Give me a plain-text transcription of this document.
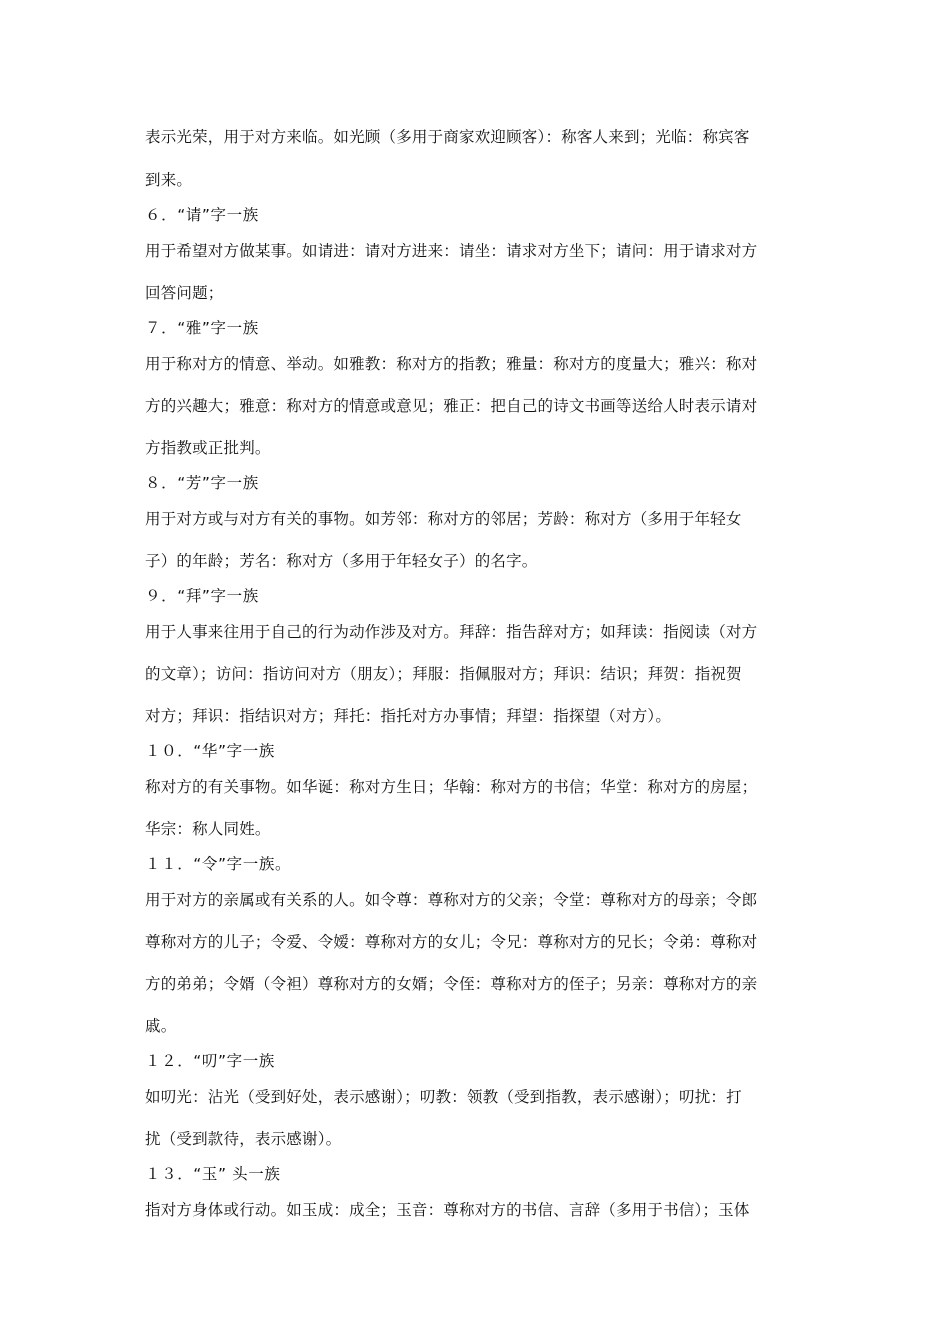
表示光荣，用于对方来临。如光顾（多用于商家欢迎顾客）：称客人来到；光临：称宾客
到来。
６．“请”字一族
用于希望对方做某事。如请进：请对方进来：请坐：请求对方坐下；请问：用于请求对方
回答问题；
７．“雅”字一族
用于称对方的情意、举动。如雅教：称对方的指教；雅量：称对方的度量大；雅兴：称对
方的兴趣大；雅意：称对方的情意或意见；雅正：把自己的诗文书画等送给人时表示请对
方指教或正批判。
８．“芳”字一族
用于对方或与对方有关的事物。如芳邻：称对方的邻居；芳龄：称对方（多用于年轻女
子）的年龄；芳名：称对方（多用于年轻女子）的名字。
９．“拜”字一族
用于人事来往用于自己的行为动作涉及对方。拜辞：指告辞对方；如拜读：指阅读（对方
的文章）；访问：指访问对方（朋友）；拜服：指佩服对方；拜识：结识；拜贺：指祝贺
对方；拜识：指结识对方；拜托：指托对方办事情；拜望：指探望（对方）。
１０．“华”字一族
称对方的有关事物。如华诞：称对方生日；华翰：称对方的书信；华堂：称对方的房屋；
华宗：称人同姓。
１１．“令”字一族。
用于对方的亲属或有关系的人。如令尊：尊称对方的父亲；令堂：尊称对方的母亲；令郎
尊称对方的儿子；令爱、令嫒：尊称对方的女儿；令兄：尊称对方的兄长；令弟：尊称对
方的弟弟；令婿（令袒）尊称对方的女婿；令侄：尊称对方的侄子；另亲：尊称对方的亲
戚。
１２．“叨”字一族
如叨光：沾光（受到好处，表示感谢）；叨教：领教（受到指教，表示感谢）；叨扰：打
扰（受到款待，表示感谢）。
１３．“玉” 头一族
指对方身体或行动。如玉成：成全；玉音：尊称对方的书信、言辞（多用于书信）；玉体
